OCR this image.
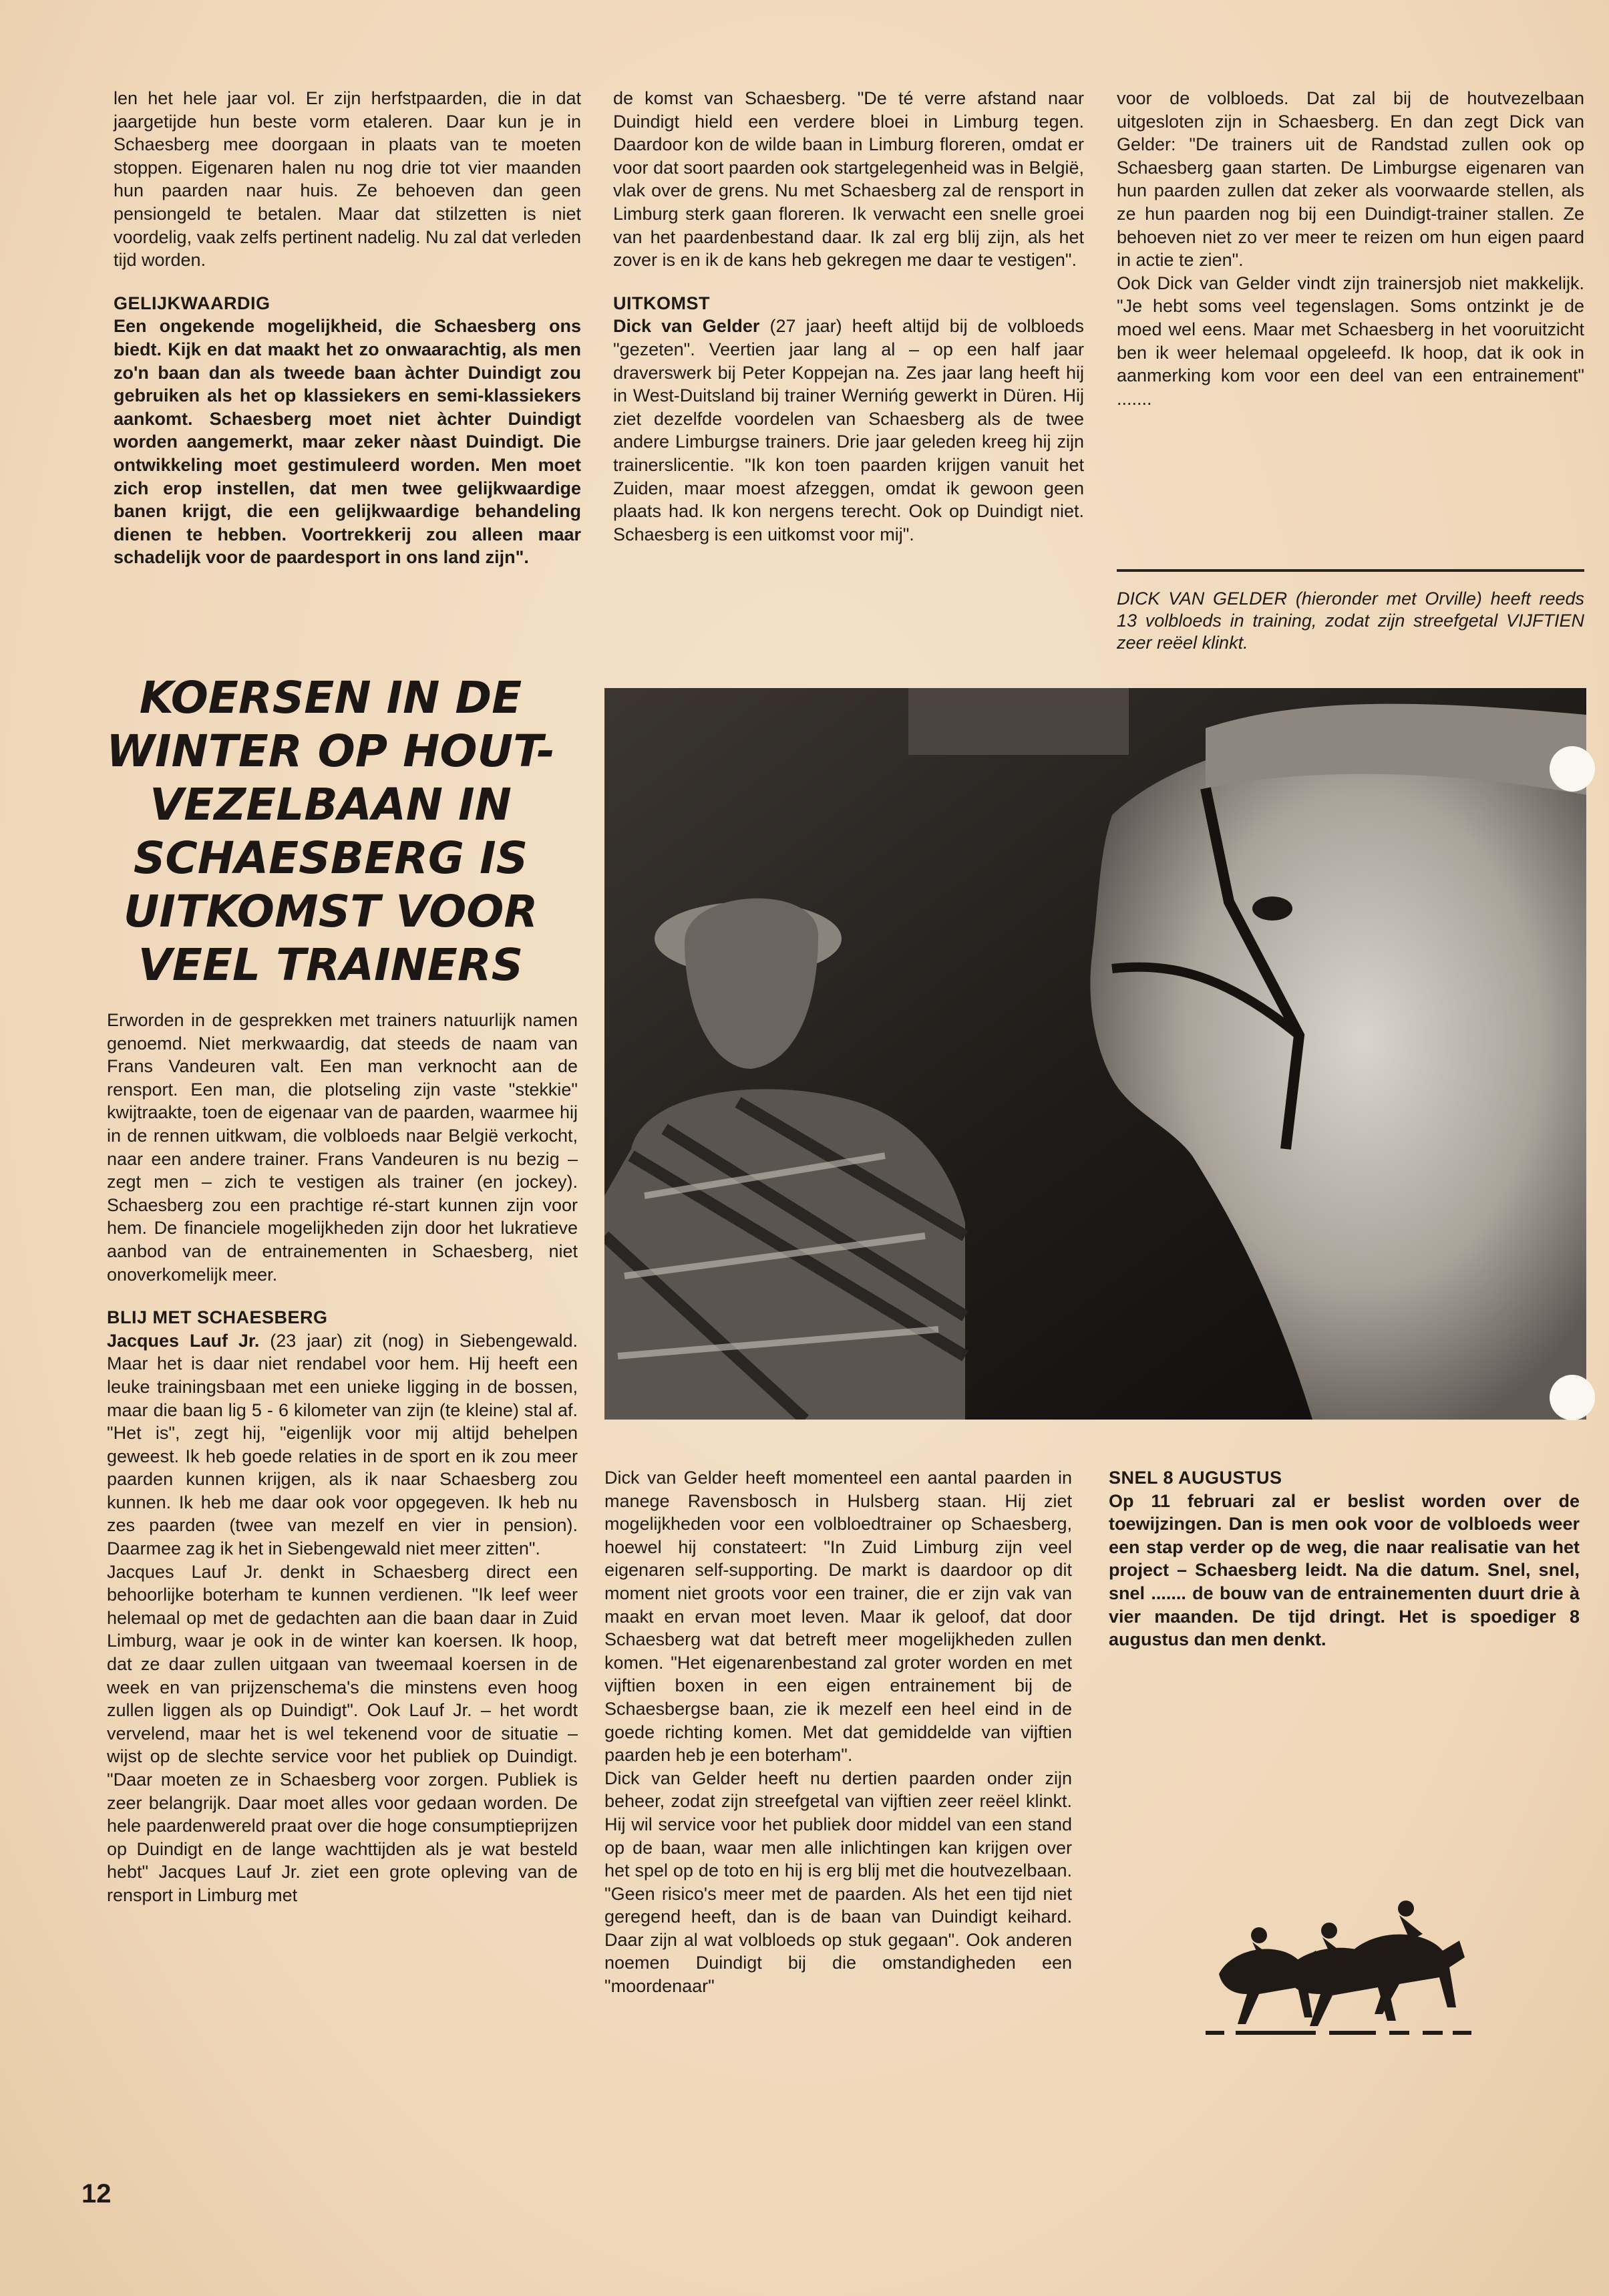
len het hele jaar vol. Er zijn herfstpaarden, die in dat jaargetijde hun beste vorm etaleren. Daar kun je in Schaesberg mee doorgaan in plaats van te moeten stoppen. Eigenaren halen nu nog drie tot vier maanden hun paarden naar huis. Ze behoeven dan geen pensiongeld te betalen. Maar dat stilzetten is niet voordelig, vaak zelfs pertinent nadelig. Nu zal dat verleden tijd worden.

GELIJKWAARDIG

Een ongekende mogelijkheid, die Schaesberg ons biedt. Kijk en dat maakt het zo onwaarachtig, als men zo'n baan dan als tweede baan àchter Duindigt zou gebruiken als het op klassiekers en semi-klassiekers aankomt. Schaesberg moet niet àchter Duindigt worden aangemerkt, maar zeker nàast Duindigt. Die ontwikkeling moet gestimuleerd worden. Men moet zich erop instellen, dat men twee gelijkwaardige banen krijgt, die een gelijkwaardige behandeling dienen te hebben. Voortrekkerij zou alleen maar schadelijk voor de paardesport in ons land zijn".

de komst van Schaesberg. "De té verre afstand naar Duindigt hield een verdere bloei in Limburg tegen. Daardoor kon de wilde baan in Limburg floreren, omdat er voor dat soort paarden ook startgelegenheid was in België, vlak over de grens. Nu met Schaesberg zal de rensport in Limburg sterk gaan floreren. Ik verwacht een snelle groei van het paardenbestand daar. Ik zal erg blij zijn, als het zover is en ik de kans heb gekregen me daar te vestigen".

UITKOMST

Dick van Gelder (27 jaar) heeft altijd bij de volbloeds "gezeten". Veertien jaar lang al – op een half jaar draverswerk bij Peter Koppejan na. Zes jaar lang heeft hij in West-Duitsland bij trainer Wernińg gewerkt in Düren. Hij ziet dezelfde voordelen van Schaesberg als de twee andere Limburgse trainers. Drie jaar geleden kreeg hij zijn trainerslicentie. "Ik kon toen paarden krijgen vanuit het Zuiden, maar moest afzeggen, omdat ik gewoon geen plaats had. Ik kon nergens terecht. Ook op Duindigt niet. Schaesberg is een uitkomst voor mij".

voor de volbloeds. Dat zal bij de houtvezelbaan uitgesloten zijn in Schaesberg. En dan zegt Dick van Gelder: "De trainers uit de Randstad zullen ook op Schaesberg gaan starten. De Limburgse eigenaren van hun paarden zullen dat zeker als voorwaarde stellen, als ze hun paarden nog bij een Duindigt-trainer stallen. Ze behoeven niet zo ver meer te reizen om hun eigen paard in actie te zien".

Ook Dick van Gelder vindt zijn trainersjob niet makkelijk. "Je hebt soms veel tegenslagen. Soms ontzinkt je de moed wel eens. Maar met Schaesberg in het vooruitzicht ben ik weer helemaal opgeleefd. Ik hoop, dat ik ook in aanmerking kom voor een deel van een entrainement" .......

DICK VAN GELDER (hieronder met Orville) heeft reeds 13 volbloeds in training, zodat zijn streefgetal VIJFTIEN zeer reëel klinkt.
KOERSEN IN DE WINTER OP HOUT-VEZELBAAN IN SCHAESBERG IS UITKOMST VOOR VEEL TRAINERS

Erworden in de gesprekken met trainers natuurlijk namen genoemd. Niet merkwaardig, dat steeds de naam van Frans Vandeuren valt. Een man verknocht aan de rensport. Een man, die plotseling zijn vaste "stekkie" kwijtraakte, toen de eigenaar van de paarden, waarmee hij in de rennen uitkwam, die volbloeds naar België verkocht, naar een andere trainer. Frans Vandeuren is nu bezig – zegt men – zich te vestigen als trainer (en jockey). Schaesberg zou een prachtige ré-start kunnen zijn voor hem. De financiele mogelijkheden zijn door het lukratieve aanbod van de entrainementen in Schaesberg, niet onoverkomelijk meer.

BLIJ MET SCHAESBERG

Jacques Lauf Jr. (23 jaar) zit (nog) in Siebengewald. Maar het is daar niet rendabel voor hem. Hij heeft een leuke trainingsbaan met een unieke ligging in de bossen, maar die baan lig 5 - 6 kilometer van zijn (te kleine) stal af. "Het is", zegt hij, "eigenlijk voor mij altijd behelpen geweest. Ik heb goede relaties in de sport en ik zou meer paarden kunnen krijgen, als ik naar Schaesberg zou kunnen. Ik heb me daar ook voor opgegeven. Ik heb nu zes paarden (twee van mezelf en vier in pension). Daarmee zag ik het in Siebengewald niet meer zitten".

Jacques Lauf Jr. denkt in Schaesberg direct een behoorlijke boterham te kunnen verdienen. "Ik leef weer helemaal op met de gedachten aan die baan daar in Zuid Limburg, waar je ook in de winter kan koersen. Ik hoop, dat ze daar zullen uitgaan van tweemaal koersen in de week en van prijzenschema's die minstens even hoog zullen liggen als op Duindigt". Ook Lauf Jr. – het wordt vervelend, maar het is wel tekenend voor de situatie – wijst op de slechte service voor het publiek op Duindigt. "Daar moeten ze in Schaesberg voor zorgen. Publiek is zeer belangrijk. Daar moet alles voor gedaan worden. De hele paardenwereld praat over die hoge consumptieprijzen op Duindigt en de lange wachttijden als je wat besteld hebt" Jacques Lauf Jr. ziet een grote opleving van de rensport in Limburg met

Dick van Gelder heeft momenteel een aantal paarden in manege Ravensbosch in Hulsberg staan. Hij ziet mogelijkheden voor een volbloedtrainer op Schaesberg, hoewel hij constateert: "In Zuid Limburg zijn veel eigenaren self-supporting. De markt is daardoor op dit moment niet groots voor een trainer, die er zijn vak van maakt en ervan moet leven. Maar ik geloof, dat door Schaesberg wat dat betreft meer mogelijkheden zullen komen. "Het eigenarenbestand zal groter worden en met vijftien boxen in een eigen entrainement bij de Schaesbergse baan, zie ik mezelf een heel eind in de goede richting komen. Met dat gemiddelde van vijftien paarden heb je een boterham".

Dick van Gelder heeft nu dertien paarden onder zijn beheer, zodat zijn streefgetal van vijftien zeer reëel klinkt. Hij wil service voor het publiek door middel van een stand op de baan, waar men alle inlichtingen kan krijgen over het spel op de toto en hij is erg blij met die houtvezelbaan. "Geen risico's meer met de paarden. Als het een tijd niet geregend heeft, dan is de baan van Duindigt keihard. Daar zijn al wat volbloeds op stuk gegaan". Ook anderen noemen Duindigt bij die omstandigheden een "moordenaar"

SNEL 8 AUGUSTUS

Op 11 februari zal er beslist worden over de toewijzingen. Dan is men ook voor de volbloeds weer een stap verder op de weg, die naar realisatie van het project – Schaesberg leidt. Na die datum. Snel, snel, snel ....... de bouw van de entrainementen duurt drie à vier maanden. De tijd dringt. Het is spoediger 8 augustus dan men denkt.

12
